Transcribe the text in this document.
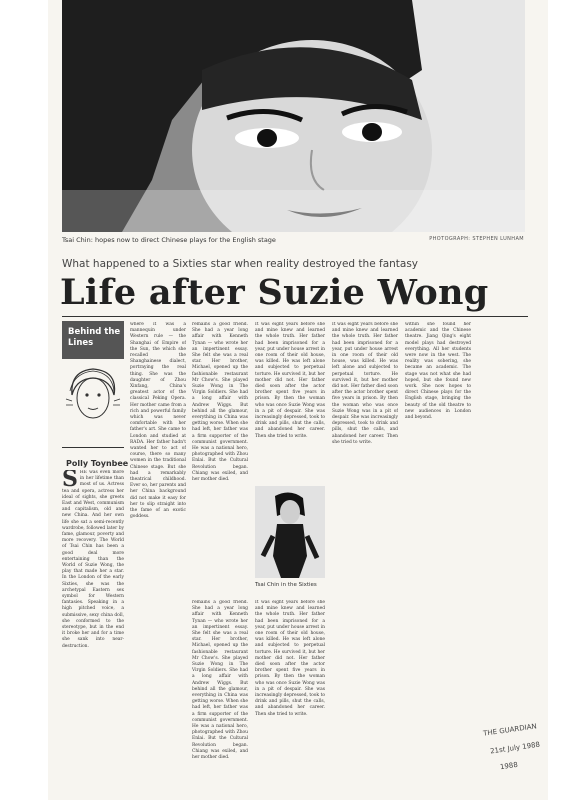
Tsai Chin: hopes now to direct Chinese plays for the English stage	PHOTOGRAPH: STEPHEN LUNHAM
What happened to a Sixties star when reality destroyed the fantasy
Life after Suzie Wong
Behind the Lines
Polly Toynbee
SHE was even more in her lifetime than most of us. Actress tea and opera, actress her ideal of sights, she greets East and West, communism and capitalism, old and new China. And her own life she sat a semi-recently wardrobe, followed later by fame, glamour, poverty and more recovery. The World of Tsai Chin has been a good deal more entertaining than the World of Suzie Wong, the play that made her a star. In the London of the early Sixties, she was the archetypal Eastern sex symbol for Western fantasies. Speaking in a high pitched voice, a submissive, sexy china doll, she conformed to the stereotype, but in the end it broke her and for a time she sank into near-destruction.
where it was a mannequin under Western rule — the Shanghai of Empire of the Sun, the which she recalled the Shanghainese dialect, portraying the real thing. She was the daughter of Zhou Xinfang, China's greatest actor of the classical Peking Opera. Her mother came from a rich and powerful family which was never comfortable with her father's art. She came to London and studied at RADA. Her father hadn't wanted her to act of course, there so many women in the traditional Chinese stage. But she had a remarkably theatrical childhood. Ever so, her parents and her China background did not make it easy for her to slip straight into the fame of an exotic goddess.
remains a good friend. She had a year long affair with Kenneth Tynan — who wrote her an impertinent essay. She felt she was a real star. Her brother, Michael, opened up the fashionable restaurant Mr Chow's. She played Suzie Wong in The Virgin Soldiers. She had a long affair with Andrew Wiggs. But behind all the glamour, everything in China was getting worse. When she had left, her father was a firm supporter of the communist government. He was a national hero, photographed with Zhou Enlai. But the Cultural Revolution began. Chiang was exiled, and her mother died.
remains a good friend. She had a year long affair with Kenneth Tynan — who wrote her an impertinent essay. She felt she was a real star. Her brother, Michael, opened up the fashionable restaurant Mr Chow's. She played Suzie Wong in The Virgin Soldiers. She had a long affair with Andrew Wiggs. But behind all the glamour, everything in China was getting worse. When she had left, her father was a firm supporter of the communist government. He was a national hero, photographed with Zhou Enlai. But the Cultural Revolution began. Chiang was exiled, and her mother died.
It was eight years before she and mine knew and learned the whole truth. Her father had been imprisoned for a year, put under house arrest in one room of their old house, was killed. He was left alone and subjected to perpetual torture. He survived it, but her mother did not. Her father died soon after the actor brother spent five years in prison. By then the woman who was once Suzie Wong was in a pit of despair. She was increasingly depressed, took to drink and pills, shut the calls, and abandoned her career. Then she tried to write.
It was eight years before she and mine knew and learned the whole truth. Her father had been imprisoned for a year, put under house arrest in one room of their old house, was killed. He was left alone and subjected to perpetual torture. He survived it, but her mother did not. Her father died soon after the actor brother spent five years in prison. By then the woman who was once Suzie Wong was in a pit of despair. She was increasingly depressed, took to drink and pills, shut the calls, and abandoned her career. Then she tried to write.
It was eight years before she and mine knew and learned the whole truth. Her father had been imprisoned for a year, put under house arrest in one room of their old house, was killed. He was left alone and subjected to perpetual torture. He survived it, but her mother did not. Her father died soon after the actor brother spent five years in prison. By then the woman who was once Suzie Wong was in a pit of despair. She was increasingly depressed, took to drink and pills, shut the calls, and abandoned her career. Then she tried to write.
within she found her academic and the Chinese theatre. Jiang Qing's eight model plays had destroyed everything. All her students were now in the west. The reality was sobering, she became an academic. The stage was not what she had hoped, but she found new work. She now hopes to direct Chinese plays for the English stage, bringing the beauty of the old theatre to new audiences in London and beyond.
Tsai Chin in the Sixties
THE GUARDIAN
21st July 1988
1988
